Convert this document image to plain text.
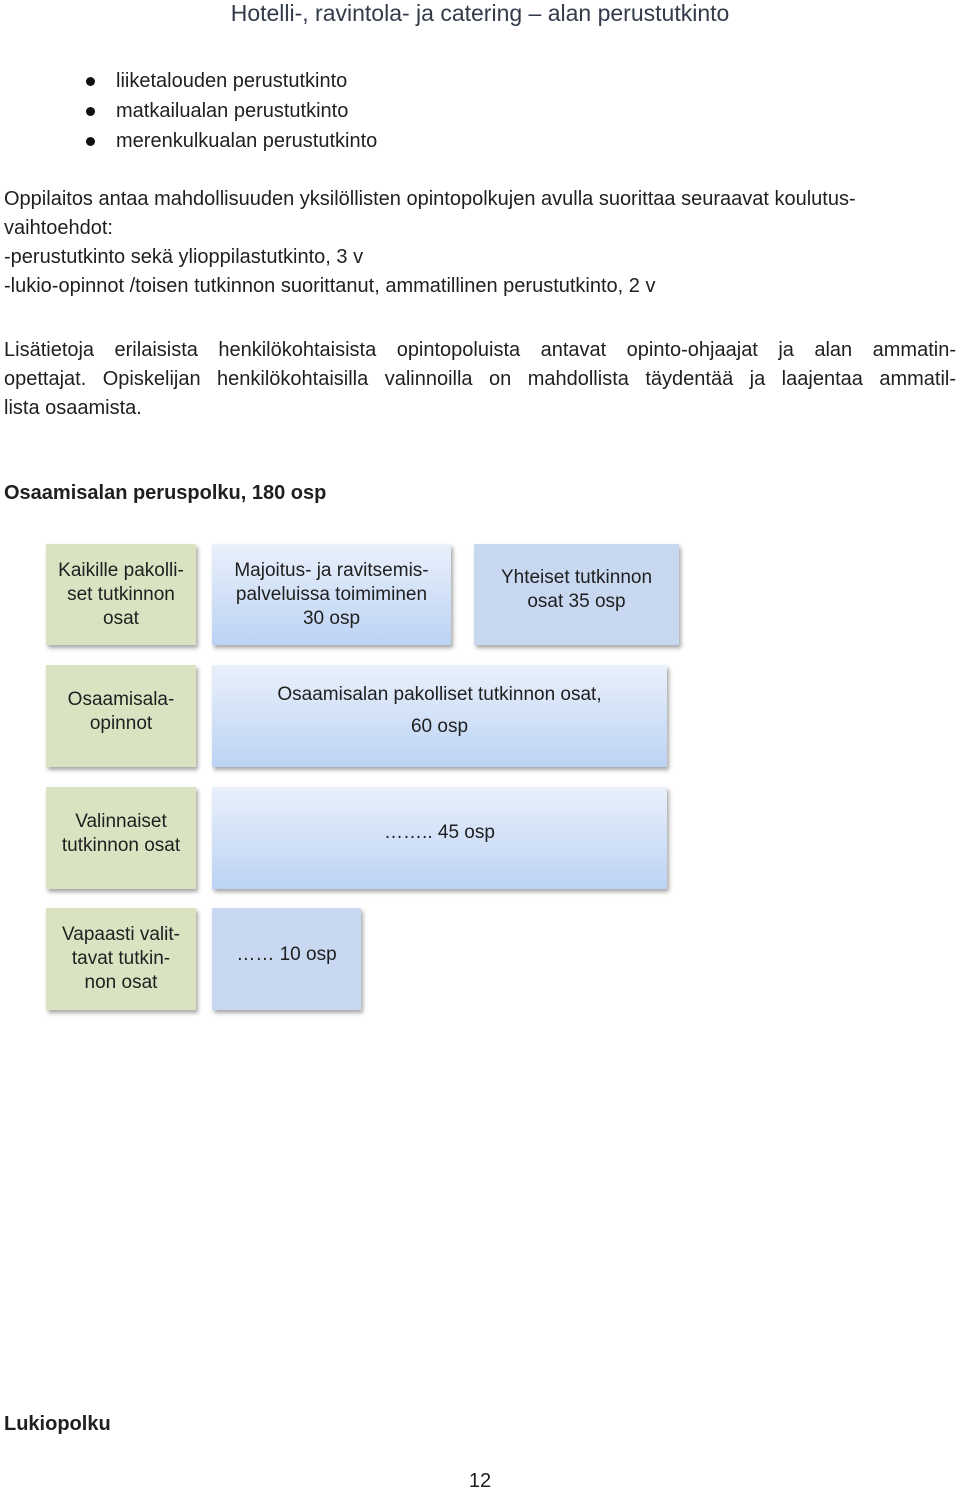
Hotelli-, ravintola- ja catering – alan perustutkinto
liiketalouden perustutkinto
matkailualan perustutkinto
merenkulkualan perustutkinto
Oppilaitos antaa mahdollisuuden yksilöllisten opintopolkujen avulla suorittaa seuraavat koulutus-
vaihtoehdot:
-perustutkinto sekä ylioppilastutkinto, 3 v
-lukio-opinnot /toisen tutkinnon suorittanut, ammatillinen perustutkinto, 2 v
Lisätietoja erilaisista henkilökohtaisista opintopoluista antavat opinto-ohjaajat ja alan ammatin-
opettajat. Opiskelijan henkilökohtaisilla valinnoilla on mahdollista täydentää ja laajentaa ammatil-
lista osaamista.
Osaamisalan peruspolku, 180 osp
Kaikille pakolli-
set tutkinnon
osat
Majoitus- ja ravitsemis-
palveluissa toimiminen
30 osp
Yhteiset tutkinnon
osat 35 osp
Osaamisala-
opinnot
Osaamisalan pakolliset tutkinnon osat,
60 osp
Valinnaiset
tutkinnon osat
…….. 45 osp
Vapaasti valit-
tavat tutkin-
non osat
…… 10 osp
Lukiopolku
12
